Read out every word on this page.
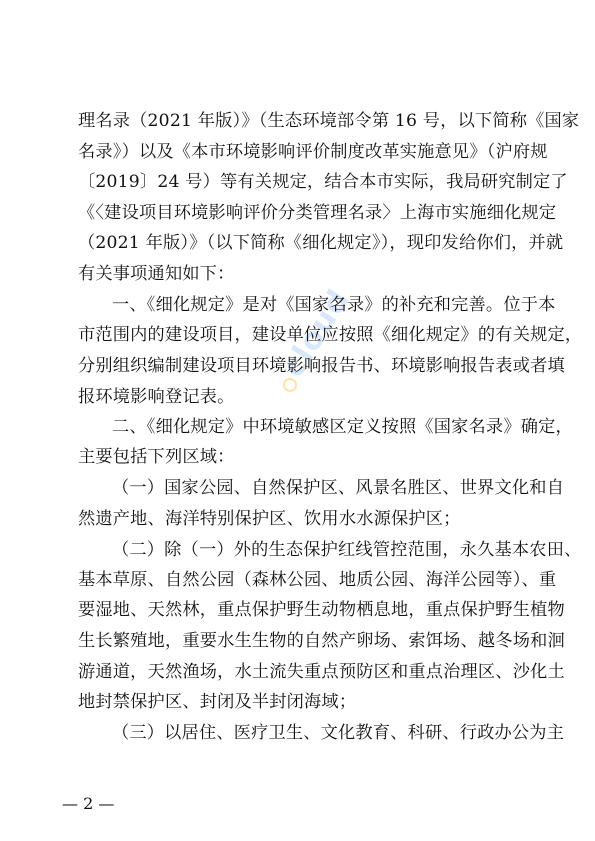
cloud
理名录（2021 年版）》（生态环境部令第 16 号，以下简称《国家
名录》）以及《本市环境影响评价制度改革实施意见》（沪府规
〔2019〕24 号）等有关规定，结合本市实际，我局研究制定了
《〈建设项目环境影响评价分类管理名录〉上海市实施细化规定
（2021 年版）》（以下简称《细化规定》），现印发给你们，并就
有关事项通知如下：
一、《细化规定》是对《国家名录》的补充和完善。位于本
市范围内的建设项目，建设单位应按照《细化规定》的有关规定，
分别组织编制建设项目环境影响报告书、环境影响报告表或者填
报环境影响登记表。
二、《细化规定》中环境敏感区定义按照《国家名录》确定，
主要包括下列区域：
（一）国家公园、自然保护区、风景名胜区、世界文化和自
然遗产地、海洋特别保护区、饮用水水源保护区；
（二）除（一）外的生态保护红线管控范围，永久基本农田、
基本草原、自然公园（森林公园、地质公园、海洋公园等）、重
要湿地、天然林，重点保护野生动物栖息地，重点保护野生植物
生长繁殖地，重要水生生物的自然产卵场、索饵场、越冬场和洄
游通道，天然渔场，水土流失重点预防区和重点治理区、沙化土
地封禁保护区、封闭及半封闭海域；
（三）以居住、医疗卫生、文化教育、科研、行政办公为主
— 2 —
